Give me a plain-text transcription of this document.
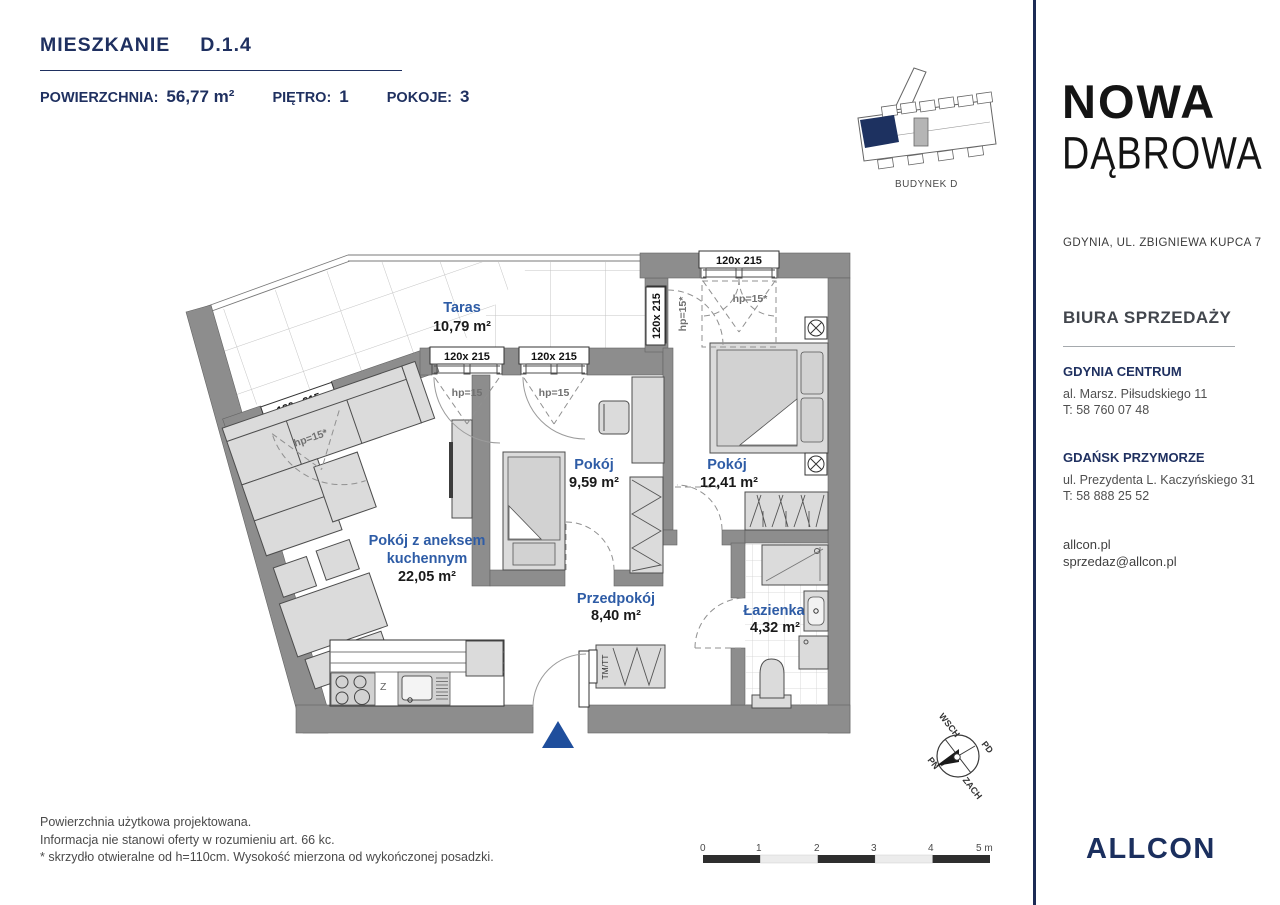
MIESZKANIE D.1.4
POWIERZCHNIA: 56,77 m²	PIĘTRO: 1	POKOJE: 3
120x 215	120x 215
120x 215
120x 215
Z
TM/TT
hp=15*
hp=15	hp=15
hp=15*
hp=15*
Taras
10,79 m²
Pokój z aneksem
kuchennym
22,05 m²
Pokój
9,59 m²
Pokój
12,41 m²
Przedpokój
8,40 m²	Łazienka
4,32 m²
WSCH
PD
ZACH
PN
0	1	2	3	4	5 m
BUDYNEK D
Powierzchnia użytkowa projektowana.
Informacja nie stanowi oferty w rozumieniu art. 66 kc.
* skrzydło otwieralne od h=110cm. Wysokość mierzona od wykończonej posadzki.
NOWA
DĄBROWA
GDYNIA, UL. ZBIGNIEWA KUPCA 7
BIURA SPRZEDAŻY
GDYNIA CENTRUM
al. Marsz. Piłsudskiego 11
T: 58 760 07 48
GDAŃSK PRZYMORZE
ul. Prezydenta L. Kaczyńskiego 31
T: 58 888 25 52
allcon.pl
sprzedaz@allcon.pl
ALLCON
